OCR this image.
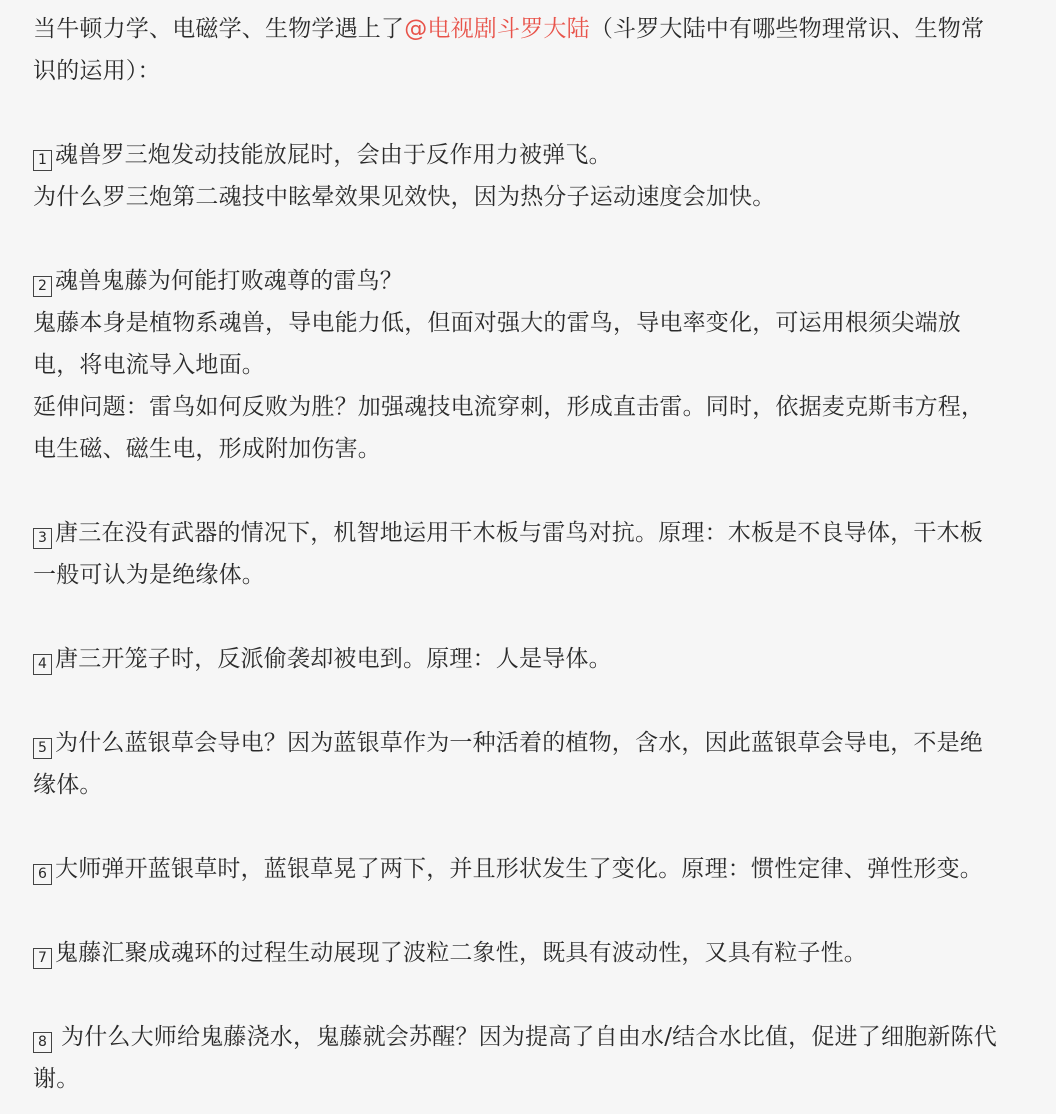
当牛顿力学、电磁学、生物学遇上了@电视剧斗罗大陆（斗罗大陆中有哪些物理常识、生物常
识的运用）：
1 魂兽罗三炮发动技能放屁时，会由于反作用力被弹飞。
为什么罗三炮第二魂技中眩晕效果见效快，因为热分子运动速度会加快。
2 魂兽鬼藤为何能打败魂尊的雷鸟？
鬼藤本身是植物系魂兽，导电能力低，但面对强大的雷鸟，导电率变化，可运用根须尖端放
电，将电流导入地面。
延伸问题：雷鸟如何反败为胜？加强魂技电流穿刺，形成直击雷。同时，依据麦克斯韦方程，
电生磁、磁生电，形成附加伤害。
3 唐三在没有武器的情况下，机智地运用干木板与雷鸟对抗。原理：木板是不良导体，干木板
一般可认为是绝缘体。
4 唐三开笼子时，反派偷袭却被电到。原理：人是导体。
5 为什么蓝银草会导电？因为蓝银草作为一种活着的植物，含水，因此蓝银草会导电，不是绝
缘体。
6 大师弹开蓝银草时，蓝银草晃了两下，并且形状发生了变化。原理：惯性定律、弹性形变。
7 鬼藤汇聚成魂环的过程生动展现了波粒二象性，既具有波动性，又具有粒子性。
8 为什么大师给鬼藤浇水，鬼藤就会苏醒？因为提高了自由水/结合水比值，促进了细胞新陈代
谢。
